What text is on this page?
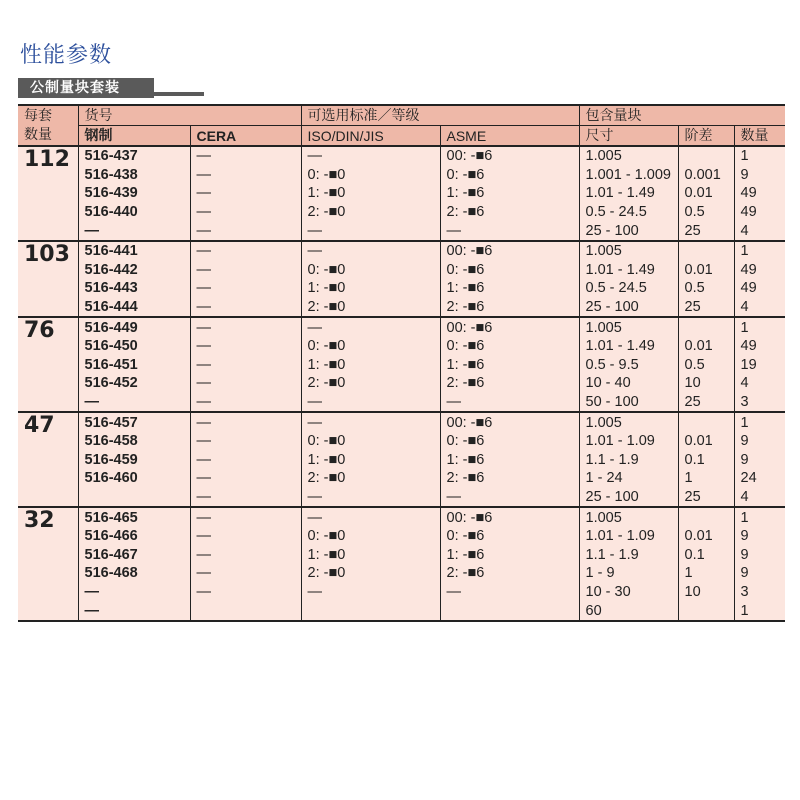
性能参数
公制量块套装
每套	货号		可选用标准／等级		包含量块		
数量	钢制	CERA	ISO/DIN/JIS	ASME	尺寸	阶差	数量
112	516-437	—	—	00: -■6	1.005		1
	516-438	—	0: -■0	0: -■6	1.001 - 1.009	0.001	9
	516-439	—	1: -■0	1: -■6	1.01 - 1.49	0.01	49
	516-440	—	2: -■0	2: -■6	0.5 - 24.5	0.5	49
	—	—	—	—	25 - 100	25	4
103	516-441	—	—	00: -■6	1.005		1
	516-442	—	0: -■0	0: -■6	1.01 - 1.49	0.01	49
	516-443	—	1: -■0	1: -■6	0.5 - 24.5	0.5	49
	516-444	—	2: -■0	2: -■6	25 - 100	25	4
76	516-449	—	—	00: -■6	1.005		1
	516-450	—	0: -■0	0: -■6	1.01 - 1.49	0.01	49
	516-451	—	1: -■0	1: -■6	0.5 - 9.5	0.5	19
	516-452	—	2: -■0	2: -■6	10 - 40	10	4
	—	—	—	—	50 - 100	25	3
47	516-457	—	—	00: -■6	1.005		1
	516-458	—	0: -■0	0: -■6	1.01 - 1.09	0.01	9
	516-459	—	1: -■0	1: -■6	1.1 - 1.9	0.1	9
	516-460	—	2: -■0	2: -■6	1 - 24	1	24
		—	—	—	25 - 100	25	4
32	516-465	—	—	00: -■6	1.005		1
	516-466	—	0: -■0	0: -■6	1.01 - 1.09	0.01	9
	516-467	—	1: -■0	1: -■6	1.1 - 1.9	0.1	9
	516-468	—	2: -■0	2: -■6	1 - 9	1	9
	—	—	—	—	10 - 30	10	3
	—				60		1
